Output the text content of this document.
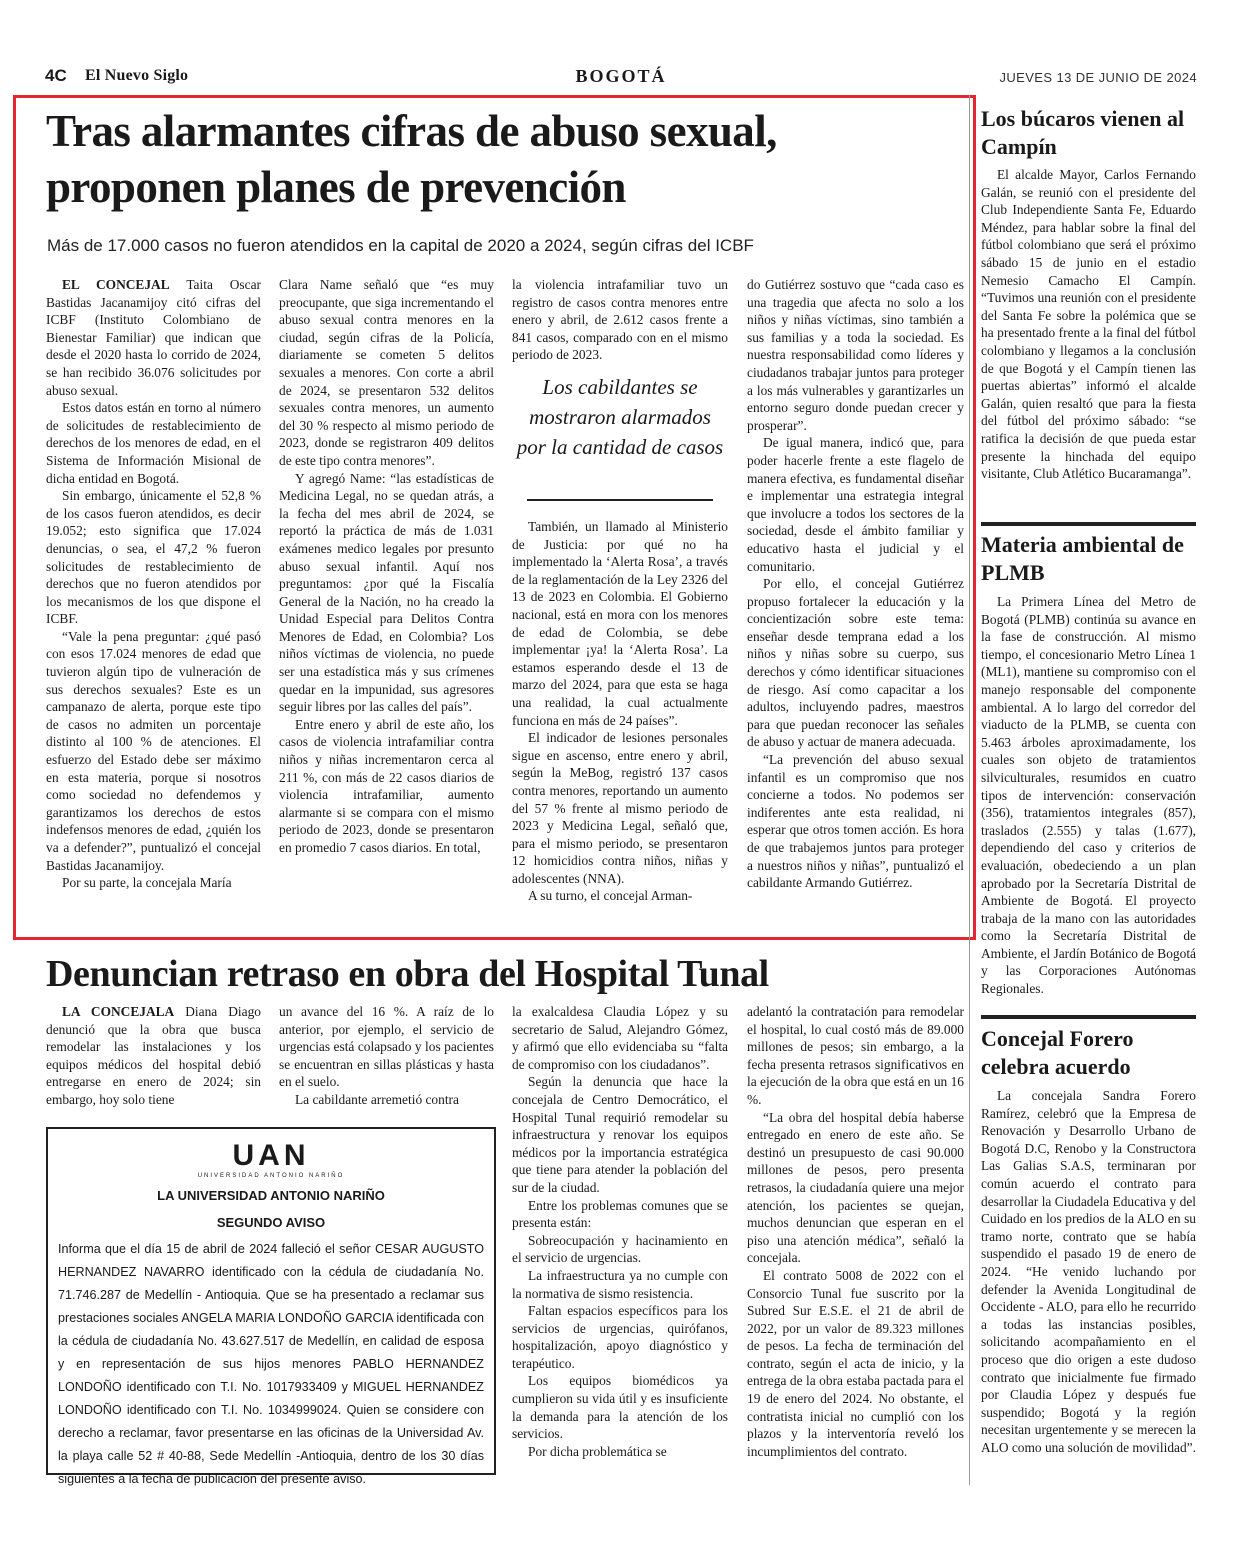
4C El Nuevo Siglo	BOGOTÁ	JUEVES 13 DE JUNIO DE 2024
Tras alarmantes cifras de abuso sexual, proponen planes de prevención
Más de 17.000 casos no fueron atendidos en la capital de 2020 a 2024, según cifras del ICBF

EL CONCEJAL Taita Oscar Bastidas Jacanamijoy citó cifras del ICBF (Instituto Colombiano de Bienestar Familiar) que indican que desde el 2020 hasta lo corrido de 2024, se han recibido 36.076 solicitudes por abuso sexual.

Estos datos están en torno al número de solicitudes de restablecimiento de derechos de los menores de edad, en el Sistema de Información Misional de dicha entidad en Bogotá.

Sin embargo, únicamente el 52,8 % de los casos fueron atendidos, es decir 19.052; esto significa que 17.024 denuncias, o sea, el 47,2 % fueron solicitudes de restablecimiento de derechos que no fueron atendidos por los mecanismos de los que dispone el ICBF.

“Vale la pena preguntar: ¿qué pasó con esos 17.024 menores de edad que tuvieron algún tipo de vulneración de sus derechos sexuales? Este es un campanazo de alerta, porque este tipo de casos no admiten un porcentaje distinto al 100 % de atenciones. El esfuerzo del Estado debe ser máximo en esta materia, porque si nosotros como sociedad no defendemos y garantizamos los derechos de estos indefensos menores de edad, ¿quién los va a defender?”, puntualizó el concejal Bastidas Jacanamijoy.

Por su parte, la concejala María

Clara Name señaló que “es muy preocupante, que siga incrementando el abuso sexual contra menores en la ciudad, según cifras de la Policía, diariamente se cometen 5 delitos sexuales a menores. Con corte a abril de 2024, se presentaron 532 delitos sexuales contra menores, un aumento del 30 % respecto al mismo periodo de 2023, donde se registraron 409 delitos de este tipo contra menores”.

Y agregó Name: “las estadísticas de Medicina Legal, no se quedan atrás, a la fecha del mes abril de 2024, se reportó la práctica de más de 1.031 exámenes medico legales por presunto abuso sexual infantil. Aquí nos preguntamos: ¿por qué la Fiscalía General de la Nación, no ha creado la Unidad Especial para Delitos Contra Menores de Edad, en Colombia? Los niños víctimas de violencia, no puede ser una estadística más y sus crímenes quedar en la impunidad, sus agresores seguir libres por las calles del país”.

Entre enero y abril de este año, los casos de violencia intrafamiliar contra niños y niñas incrementaron cerca al 211 %, con más de 22 casos diarios de violencia intrafamiliar, aumento alarmante si se compara con el mismo periodo de 2023, donde se presentaron en promedio 7 casos diarios. En total,

la violencia intrafamiliar tuvo un registro de casos contra menores entre enero y abril, de 2.612 casos frente a 841 casos, comparado con en el mismo periodo de 2023.

Los cabildantes se mostraron alarmados por la cantidad de casos

También, un llamado al Ministerio de Justicia: por qué no ha implementado la ‘Alerta Rosa’, a través de la reglamentación de la Ley 2326 del 13 de 2023 en Colombia. El Gobierno nacional, está en mora con los menores de edad de Colombia, se debe implementar ¡ya! la ‘Alerta Rosa’. La estamos esperando desde el 13 de marzo del 2024, para que esta se haga una realidad, la cual actualmente funciona en más de 24 países”.

El indicador de lesiones personales sigue en ascenso, entre enero y abril, según la MeBog, registró 137 casos contra menores, reportando un aumento del 57 % frente al mismo periodo de 2023 y Medicina Legal, señaló que, para el mismo periodo, se presentaron 12 homicidios contra niños, niñas y adolescentes (NNA).

A su turno, el concejal Arman-

do Gutiérrez sostuvo que “cada caso es una tragedia que afecta no solo a los niños y niñas víctimas, sino también a sus familias y a toda la sociedad. Es nuestra responsabilidad como líderes y ciudadanos trabajar juntos para proteger a los más vulnerables y garantizarles un entorno seguro donde puedan crecer y prosperar”.

De igual manera, indicó que, para poder hacerle frente a este flagelo de manera efectiva, es fundamental diseñar e implementar una estrategia integral que involucre a todos los sectores de la sociedad, desde el ámbito familiar y educativo hasta el judicial y el comunitario.

Por ello, el concejal Gutiérrez propuso fortalecer la educación y la concientización sobre este tema: enseñar desde temprana edad a los niños y niñas sobre su cuerpo, sus derechos y cómo identificar situaciones de riesgo. Así como capacitar a los adultos, incluyendo padres, maestros para que puedan reconocer las señales de abuso y actuar de manera adecuada.

“La prevención del abuso sexual infantil es un compromiso que nos concierne a todos. No podemos ser indiferentes ante esta realidad, ni esperar que otros tomen acción. Es hora de que trabajemos juntos para proteger a nuestros niños y niñas”, puntualizó el cabildante Armando Gutiérrez.

Denuncian retraso en obra del Hospital Tunal

LA CONCEJALA Diana Diago denunció que la obra que busca remodelar las instalaciones y los equipos médicos del hospital debió entregarse en enero de 2024; sin embargo, hoy solo tiene

un avance del 16 %. A raíz de lo anterior, por ejemplo, el servicio de urgencias está colapsado y los pacientes se encuentran en sillas plásticas y hasta en el suelo.

La cabildante arremetió contra

la exalcaldesa Claudia López y su secretario de Salud, Alejandro Gómez, y afirmó que ello evidenciaba su “falta de compromiso con los ciudadanos”.

Según la denuncia que hace la concejala de Centro Democrático, el Hospital Tunal requirió remodelar su infraestructura y renovar los equipos médicos por la importancia estratégica que tiene para atender la población del sur de la ciudad.

Entre los problemas comunes que se presenta están:

Sobreocupación y hacinamiento en el servicio de urgencias.

La infraestructura ya no cumple con la normativa de sismo resistencia.

Faltan espacios específicos para los servicios de urgencias, quirófanos, hospitalización, apoyo diagnóstico y terapéutico.

Los equipos biomédicos ya cumplieron su vida útil y es insuficiente la demanda para la atención de los servicios.

Por dicha problemática se

adelantó la contratación para remodelar el hospital, lo cual costó más de 89.000 millones de pesos; sin embargo, a la fecha presenta retrasos significativos en la ejecución de la obra que está en un 16 %.

“La obra del hospital debía haberse entregado en enero de este año. Se destinó un presupuesto de casi 90.000 millones de pesos, pero presenta retrasos, la ciudadanía quiere una mejor atención, los pacientes se quejan, muchos denuncian que esperan en el piso una atención médica”, señaló la concejala.

El contrato 5008 de 2022 con el Consorcio Tunal fue suscrito por la Subred Sur E.S.E. el 21 de abril de 2022, por un valor de 89.323 millones de pesos. La fecha de terminación del contrato, según el acta de inicio, y la entrega de la obra estaba pactada para el 19 de enero del 2024. No obstante, el contratista inicial no cumplió con los plazos y la interventoría reveló los incumplimientos del contrato.

UAN
UNIVERSIDAD ANTONIO NARIÑO
LA UNIVERSIDAD ANTONIO NARIÑO
SEGUNDO AVISO
Informa que el día 15 de abril de 2024 falleció el señor CESAR AUGUSTO HERNANDEZ NAVARRO identificado con la cédula de ciudadanía No. 71.746.287 de Medellín - Antioquia. Que se ha presentado a reclamar sus prestaciones sociales ANGELA MARIA LONDOÑO GARCIA identificada con la cédula de ciudadanía No. 43.627.517 de Medellín, en calidad de esposa y en representación de sus hijos menores PABLO HERNANDEZ LONDOÑO identificado con T.I. No. 1017933409 y MIGUEL HERNANDEZ LONDOÑO identificado con T.I. No. 1034999024. Quien se considere con derecho a reclamar, favor presentarse en las oficinas de la Universidad Av. la playa calle 52 # 40-88, Sede Medellín -Antioquia, dentro de los 30 días siguientes a la fecha de publicación del presente aviso.
Los búcaros vienen al Campín

El alcalde Mayor, Carlos Fernando Galán, se reunió con el presidente del Club Independiente Santa Fe, Eduardo Méndez, para hablar sobre la final del fútbol colombiano que será el próximo sábado 15 de junio en el estadio Nemesio Camacho El Campín. “Tuvimos una reunión con el presidente del Santa Fe sobre la polémica que se ha presentado frente a la final del fútbol colombiano y llegamos a la conclusión de que Bogotá y el Campín tienen las puertas abiertas” informó el alcalde Galán, quien resaltó que para la fiesta del fútbol del próximo sábado: “se ratifica la decisión de que pueda estar presente la hinchada del equipo visitante, Club Atlético Bucaramanga”.

Materia ambiental de PLMB

La Primera Línea del Metro de Bogotá (PLMB) continúa su avance en la fase de construcción. Al mismo tiempo, el concesionario Metro Línea 1 (ML1), mantiene su compromiso con el manejo responsable del componente ambiental. A lo largo del corredor del viaducto de la PLMB, se cuenta con 5.463 árboles aproximadamente, los cuales son objeto de tratamientos silviculturales, resumidos en cuatro tipos de intervención: conservación (356), tratamientos integrales (857), traslados (2.555) y talas (1.677), dependiendo del caso y criterios de evaluación, obedeciendo a un plan aprobado por la Secretaría Distrital de Ambiente de Bogotá. El proyecto trabaja de la mano con las autoridades como la Secretaría Distrital de Ambiente, el Jardín Botánico de Bogotá y las Corporaciones Autónomas Regionales.

Concejal Forero celebra acuerdo

La concejala Sandra Forero Ramírez, celebró que la Empresa de Renovación y Desarrollo Urbano de Bogotá D.C, Renobo y la Constructora Las Galias S.A.S, terminaran por común acuerdo el contrato para desarrollar la Ciudadela Educativa y del Cuidado en los predios de la ALO en su tramo norte, contrato que se había suspendido el pasado 19 de enero de 2024. “He venido luchando por defender la Avenida Longitudinal de Occidente - ALO, para ello he recurrido a todas las instancias posibles, solicitando acompañamiento en el proceso que dio origen a este dudoso contrato que inicialmente fue firmado por Claudia López y después fue suspendido; Bogotá y la región necesitan urgentemente y se merecen la ALO como una solución de movilidad”.
